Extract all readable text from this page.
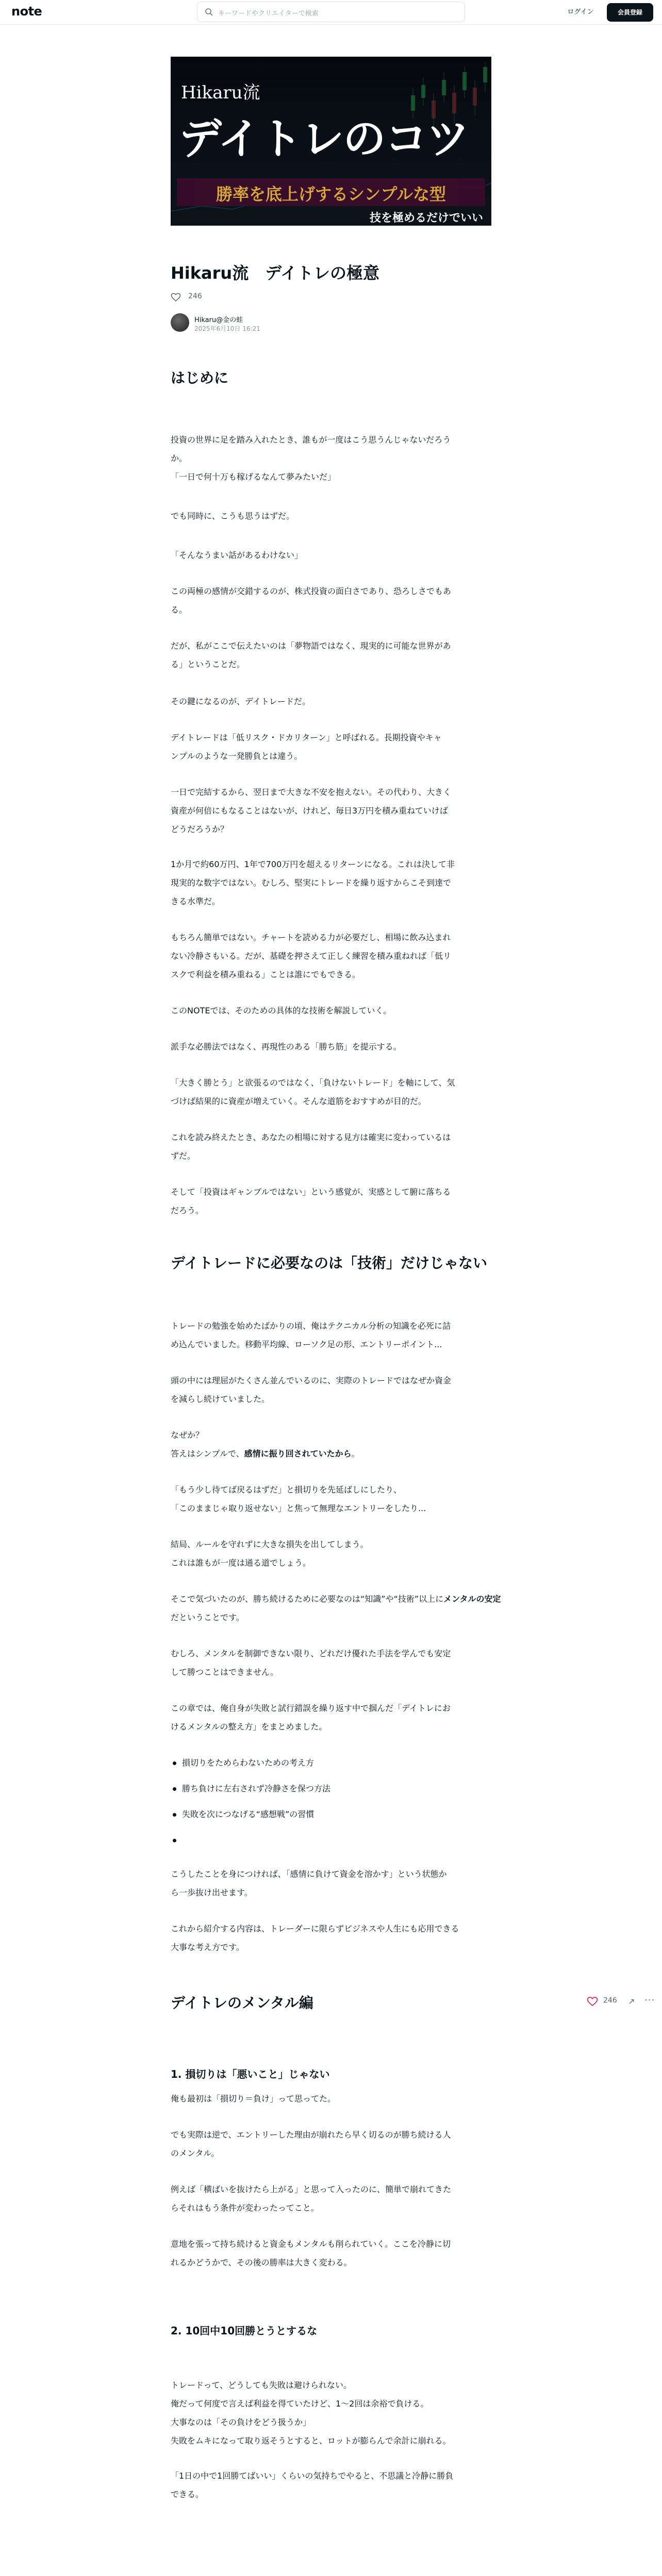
note	キーワードやクリエイターで検索	ログイン	会員登録
Hikaru流
デイトレのコツ
勝率を底上げするシンプルな型
技を極めるだけでいい
Hikaru流　デイトレの極意
246
Hikaru@金の蛙
2025年6月10日 16:21
はじめに
投資の世界に足を踏み入れたとき、誰もが一度はこう思うんじゃないだろう
か。
「一日で何十万も稼げるなんて夢みたいだ」
でも同時に、こうも思うはずだ。
「そんなうまい話があるわけない」
この両極の感情が交錯するのが、株式投資の面白さであり、恐ろしさでもあ
る。
だが、私がここで伝えたいのは「夢物語ではなく、現実的に可能な世界があ
る」ということだ。
その鍵になるのが、デイトレードだ。
デイトレードは「低リスク・ドカリターン」と呼ばれる。長期投資やキャ
ンプルのような一発勝負とは違う。
一日で完結するから、翌日まで大きな不安を抱えない。その代わり、大きく
資産が何倍にもなることはないが、けれど、毎日3万円を積み重ねていけば
どうだろうか？
1か月で約60万円、1年で700万円を超えるリターンになる。これは決して非
現実的な数字ではない。むしろ、堅実にトレードを繰り返すからこそ到達で
きる水準だ。
もちろん簡単ではない。チャートを読める力が必要だし、相場に飲み込まれ
ない冷静さもいる。だが、基礎を押さえて正しく練習を積み重ねれば「低リ
スクで利益を積み重ねる」ことは誰にでもできる。
このNOTEでは、そのための具体的な技術を解説していく。
派手な必勝法ではなく、再現性のある「勝ち筋」を提示する。
「大きく勝とう」と欲張るのではなく、「負けないトレード」を軸にして、気
づけば結果的に資産が増えていく。そんな道筋をおすすめが目的だ。
これを読み終えたとき、あなたの相場に対する見方は確実に変わっているは
ずだ。
そして「投資はギャンブルではない」という感覚が、実感として腑に落ちる
だろう。
デイトレードに必要なのは「技術」だけじゃない
トレードの勉強を始めたばかりの頃、俺はテクニカル分析の知識を必死に詰
め込んでいました。移動平均線、ローソク足の形、エントリーポイント...
頭の中には理屈がたくさん並んでいるのに、実際のトレードではなぜか資金
を減らし続けていました。
なぜか？
答えはシンプルで、感情に振り回されていたから。
「もう少し待てば戻るはずだ」と損切りを先延ばしにしたり、
「このままじゃ取り返せない」と焦って無理なエントリーをしたり...
結局、ルールを守れずに大きな損失を出してしまう。
これは誰もが一度は通る道でしょう。
そこで気づいたのが、勝ち続けるために必要なのは“知識”や“技術”以上にメンタルの安定
だということです。
むしろ、メンタルを制御できない限り、どれだけ優れた手法を学んでも安定
して勝つことはできません。
この章では、俺自身が失敗と試行錯誤を繰り返す中で掴んだ「デイトレにお
けるメンタルの整え方」をまとめました。
損切りをためらわないための考え方
勝ち負けに左右されず冷静さを保つ方法
失敗を次につなげる“感想戦”の習慣
こうしたことを身につければ、「感情に負けて資金を溶かす」という状態か
ら一歩抜け出せます。
これから紹介する内容は、トレーダーに限らずビジネスや人生にも応用できる
大事な考え方です。
デイトレのメンタル編	246 ↗ ···
1. 損切りは「悪いこと」じゃない
俺も最初は「損切り＝負け」って思ってた。
でも実際は逆で、エントリーした理由が崩れたら早く切るのが勝ち続ける人
のメンタル。
例えば「横ばいを抜けたら上がる」と思って入ったのに、簡単で崩れてきた
らそれはもう条件が変わったってこと。
意地を張って持ち続けると資金もメンタルも削られていく。ここを冷静に切
れるかどうかで、その後の勝率は大きく変わる。
2. 10回中10回勝とうとするな
トレードって、どうしても失敗は避けられない。
俺だって何度で言えば利益を得ていたけど、1〜2回は余裕で負ける。
大事なのは「その負けをどう扱うか」
失敗をムキになって取り返そうとすると、ロットが膨らんで余計に崩れる。
「1日の中で1回勝てばいい」くらいの気持ちでやると、不思議と冷静に勝負
できる。
